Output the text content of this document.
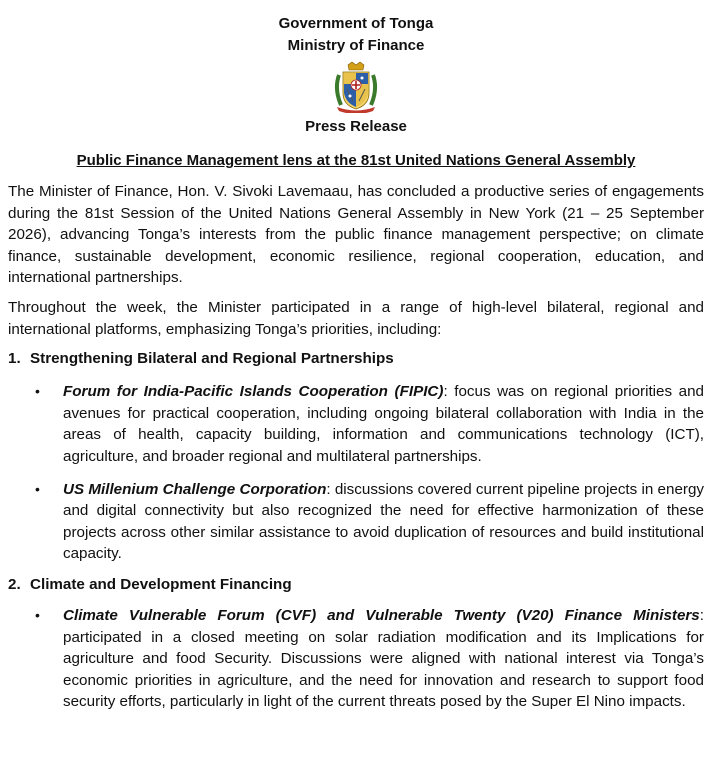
Government of Tonga
Ministry of Finance
Press Release
Public Finance Management lens at the 81st United Nations General Assembly

The Minister of Finance, Hon. V. Sivoki Lavemaau, has concluded a productive series of engagements during the 81st Session of the United Nations General Assembly in New York (21 – 25 September 2026), advancing Tonga’s interests from the public finance management perspective; on climate finance, sustainable development, economic resilience, regional cooperation, education, and international partnerships.

Throughout the week, the Minister participated in a range of high-level bilateral, regional and international platforms, emphasizing Tonga’s priorities, including:

1. Strengthening Bilateral and Regional Partnerships
• Forum for India-Pacific Islands Cooperation (FIPIC): focus was on regional priorities and avenues for practical cooperation, including ongoing bilateral collaboration with India in the areas of health, capacity building, information and communications technology (ICT), agriculture, and broader regional and multilateral partnerships.
• US Millenium Challenge Corporation: discussions covered current pipeline projects in energy and digital connectivity but also recognized the need for effective harmonization of these projects across other similar assistance to avoid duplication of resources and build institutional capacity.
2. Climate and Development Financing
• Climate Vulnerable Forum (CVF) and Vulnerable Twenty (V20) Finance Ministers: participated in a closed meeting on solar radiation modification and its Implications for agriculture and food Security. Discussions were aligned with national interest via Tonga’s economic priorities in agriculture, and the need for innovation and research to support food security efforts, particularly in light of the current threats posed by the Super El Nino impacts.
